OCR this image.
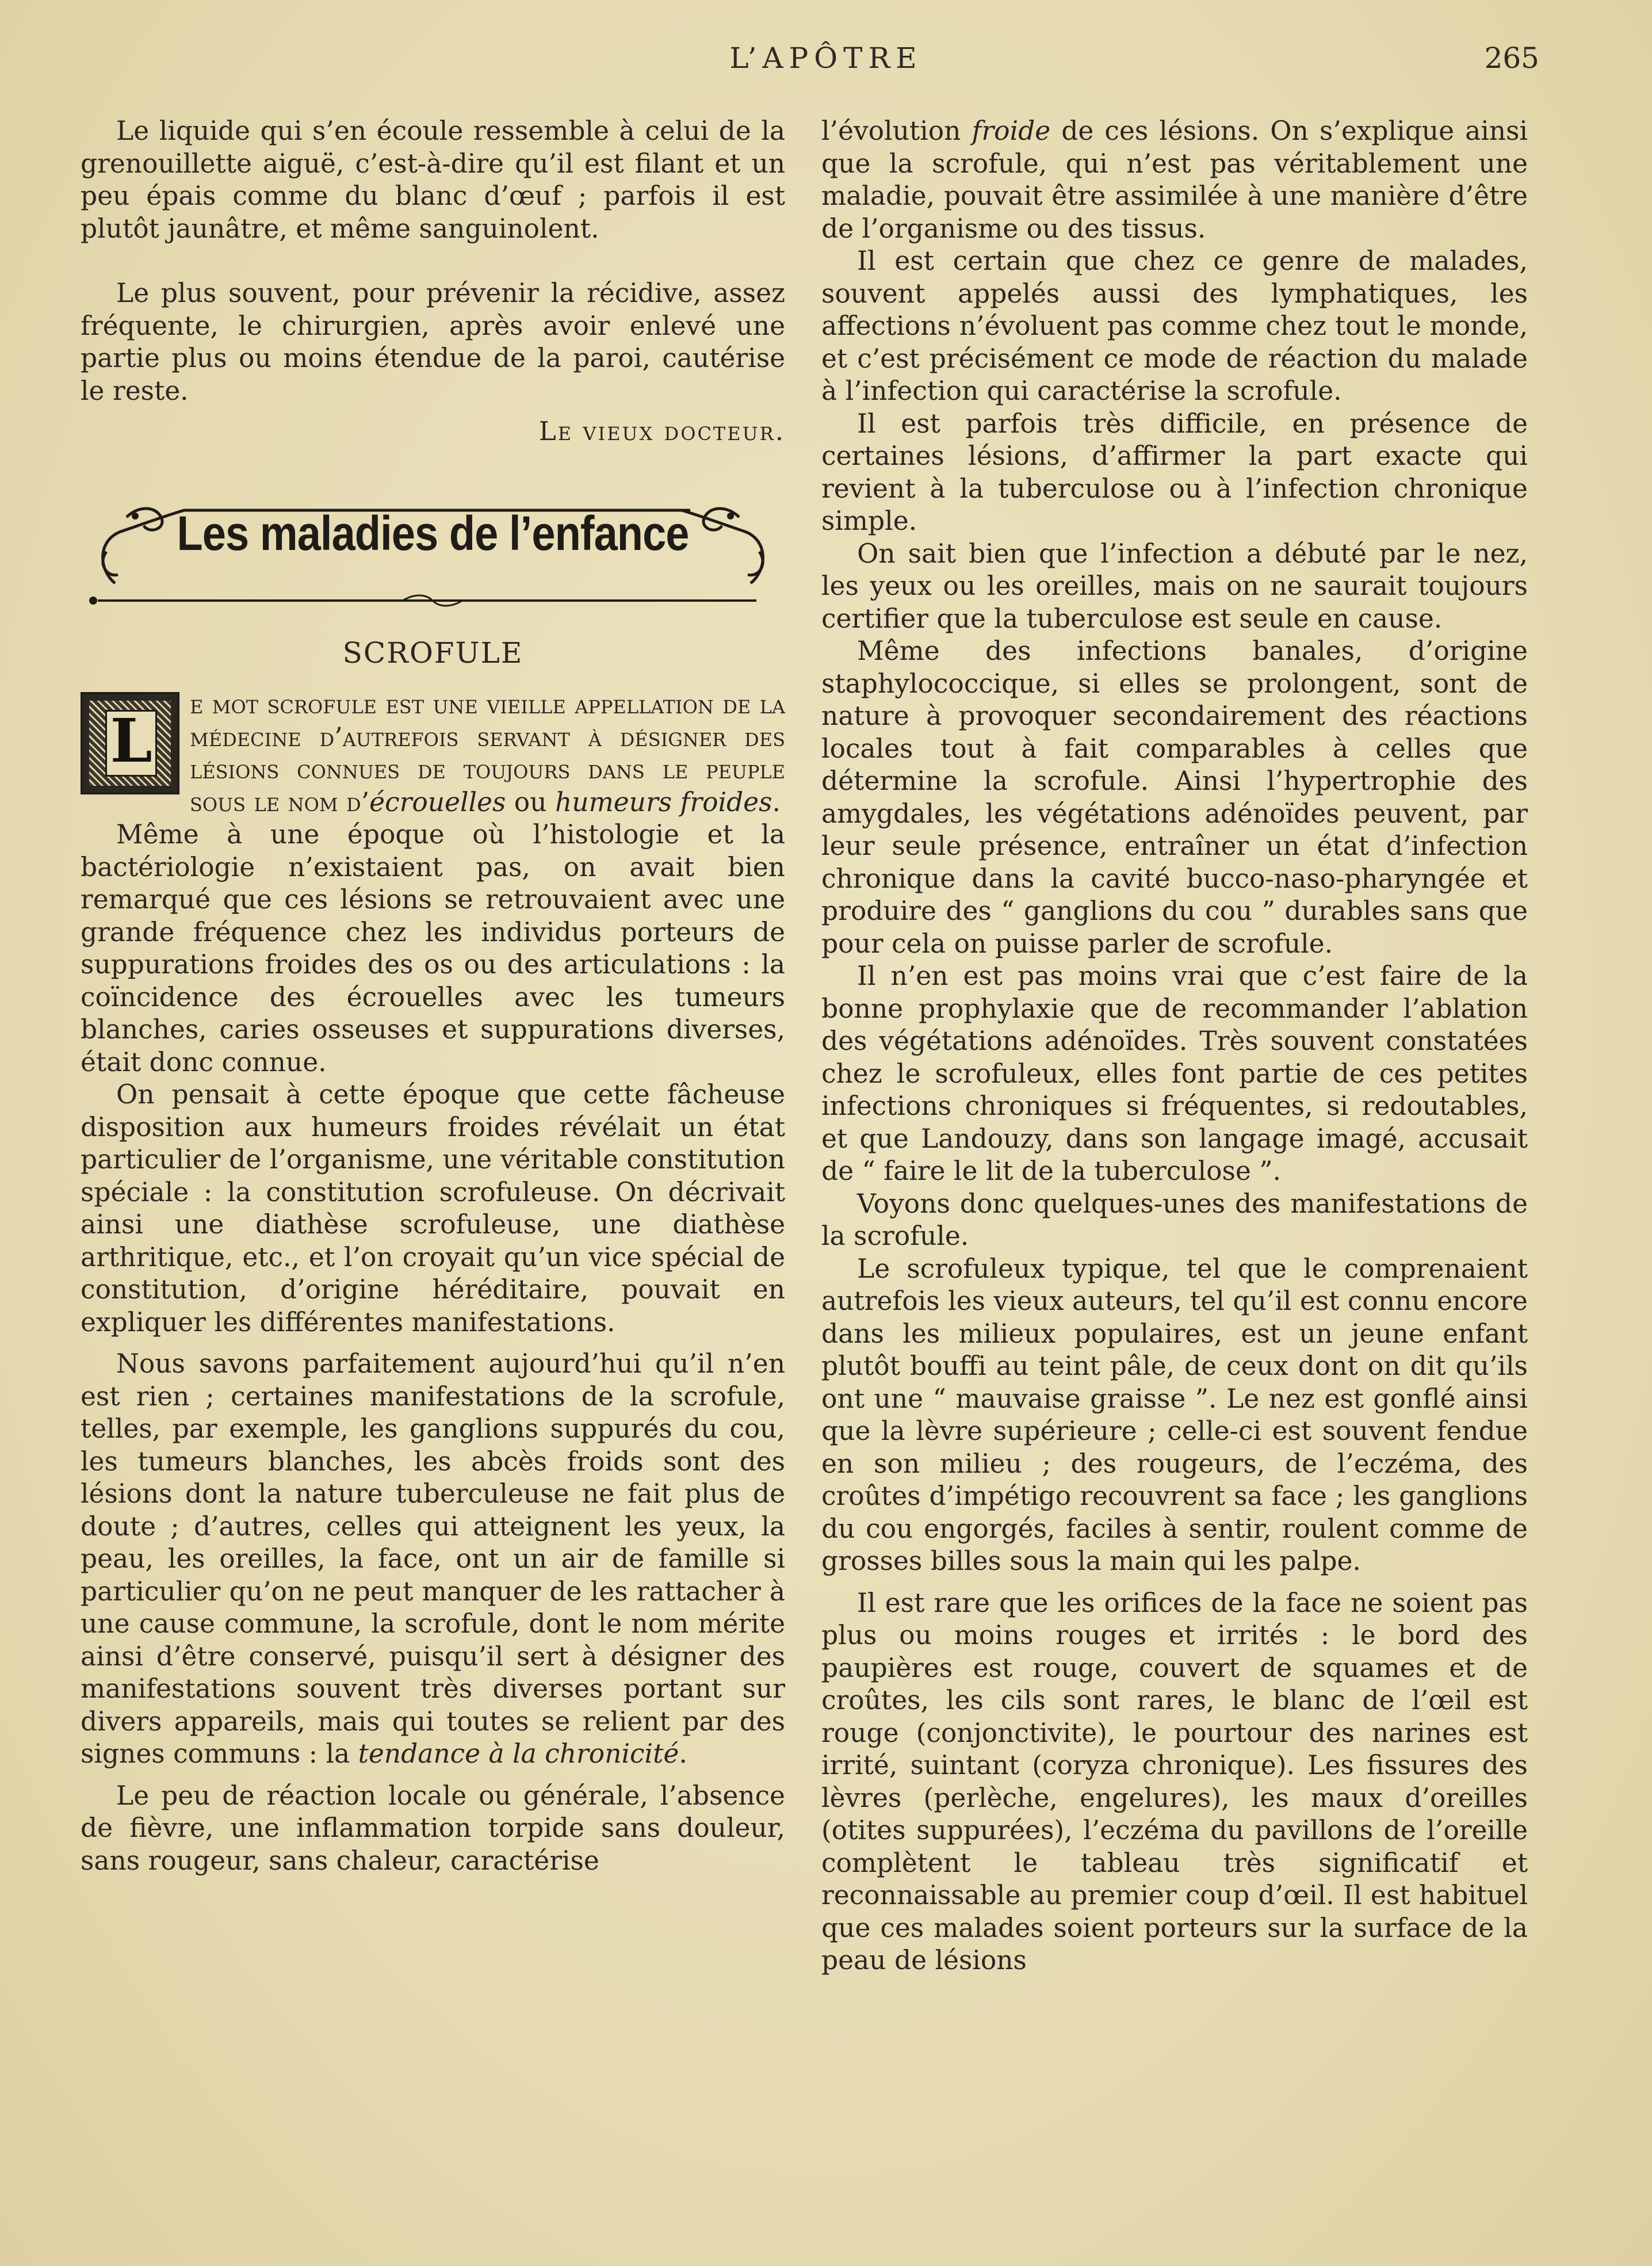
L’APÔTRE	265

Le liquide qui s’en écoule ressemble à celui de la grenouillette aiguë, c’est-à-dire qu’il est filant et un peu épais comme du blanc d’œuf ; parfois il est plutôt jaunâtre, et même sanguinolent.

Le plus souvent, pour prévenir la récidive, assez fréquente, le chirurgien, après avoir enlevé une partie plus ou moins étendue de la paroi, cautérise le reste.

Le vieux docteur.
Les maladies de l’enfance
SCROFULE

L
e mot scrofule est une vieille appellation de la médecine d’autrefois servant à désigner des lésions connues de toujours dans le peuple sous le nom d’écrouelles ou humeurs froides.

Même à une époque où l’histologie et la bactériologie n’existaient pas, on avait bien remarqué que ces lésions se retrouvaient avec une grande fréquence chez les individus porteurs de suppurations froides des os ou des articulations : la coïncidence des écrouelles avec les tumeurs blanches, caries osseuses et suppurations diverses, était donc connue.

On pensait à cette époque que cette fâcheuse disposition aux humeurs froides révélait un état particulier de l’organisme, une véritable constitution spéciale : la constitution scrofuleuse. On décrivait ainsi une diathèse scrofuleuse, une diathèse arthritique, etc., et l’on croyait qu’un vice spécial de constitution, d’origine héréditaire, pouvait en expliquer les différentes manifestations.

Nous savons parfaitement aujourd’hui qu’il n’en est rien ; certaines manifestations de la scrofule, telles, par exemple, les ganglions suppurés du cou, les tumeurs blanches, les abcès froids sont des lésions dont la nature tuberculeuse ne fait plus de doute ; d’autres, celles qui atteignent les yeux, la peau, les oreilles, la face, ont un air de famille si particulier qu’on ne peut manquer de les rattacher à une cause commune, la scrofule, dont le nom mérite ainsi d’être conservé, puisqu’il sert à désigner des manifestations souvent très diverses portant sur divers appareils, mais qui toutes se relient par des signes communs : la tendance à la chronicité.

Le peu de réaction locale ou générale, l’absence de fièvre, une inflammation torpide sans douleur, sans rougeur, sans chaleur, caractérise

l’évolution froide de ces lésions. On s’explique ainsi que la scrofule, qui n’est pas véritablement une maladie, pouvait être assimilée à une manière d’être de l’organisme ou des tissus.

Il est certain que chez ce genre de malades, souvent appelés aussi des lymphatiques, les affections n’évoluent pas comme chez tout le monde, et c’est précisément ce mode de réaction du malade à l’infection qui caractérise la scrofule.

Il est parfois très difficile, en présence de certaines lésions, d’affirmer la part exacte qui revient à la tuberculose ou à l’infection chronique simple.

On sait bien que l’infection a débuté par le nez, les yeux ou les oreilles, mais on ne saurait toujours certifier que la tuberculose est seule en cause.

Même des infections banales, d’origine staphylococcique, si elles se prolongent, sont de nature à provoquer secondairement des réactions locales tout à fait comparables à celles que détermine la scrofule. Ainsi l’hypertrophie des amygdales, les végétations adénoïdes peuvent, par leur seule présence, entraîner un état d’infection chronique dans la cavité bucco-naso-pharyngée et produire des “ ganglions du cou ” durables sans que pour cela on puisse parler de scrofule.

Il n’en est pas moins vrai que c’est faire de la bonne prophylaxie que de recommander l’ablation des végétations adénoïdes. Très souvent constatées chez le scrofuleux, elles font partie de ces petites infections chroniques si fréquentes, si redoutables, et que Landouzy, dans son langage imagé, accusait de “ faire le lit de la tuberculose ”.

Voyons donc quelques-unes des manifestations de la scrofule.

Le scrofuleux typique, tel que le comprenaient autrefois les vieux auteurs, tel qu’il est connu encore dans les milieux populaires, est un jeune enfant plutôt bouffi au teint pâle, de ceux dont on dit qu’ils ont une “ mauvaise graisse ”. Le nez est gonflé ainsi que la lèvre supérieure ; celle-ci est souvent fendue en son milieu ; des rougeurs, de l’eczéma, des croûtes d’impétigo recouvrent sa face ; les ganglions du cou engorgés, faciles à sentir, roulent comme de grosses billes sous la main qui les palpe.

Il est rare que les orifices de la face ne soient pas plus ou moins rouges et irrités : le bord des paupières est rouge, couvert de squames et de croûtes, les cils sont rares, le blanc de l’œil est rouge (conjonctivite), le pourtour des narines est irrité, suintant (coryza chronique). Les fissures des lèvres (perlèche, engelures), les maux d’oreilles (otites suppurées), l’eczéma du pavillons de l’oreille complètent le tableau très significatif et reconnaissable au premier coup d’œil. Il est habituel que ces malades soient porteurs sur la surface de la peau de lésions
